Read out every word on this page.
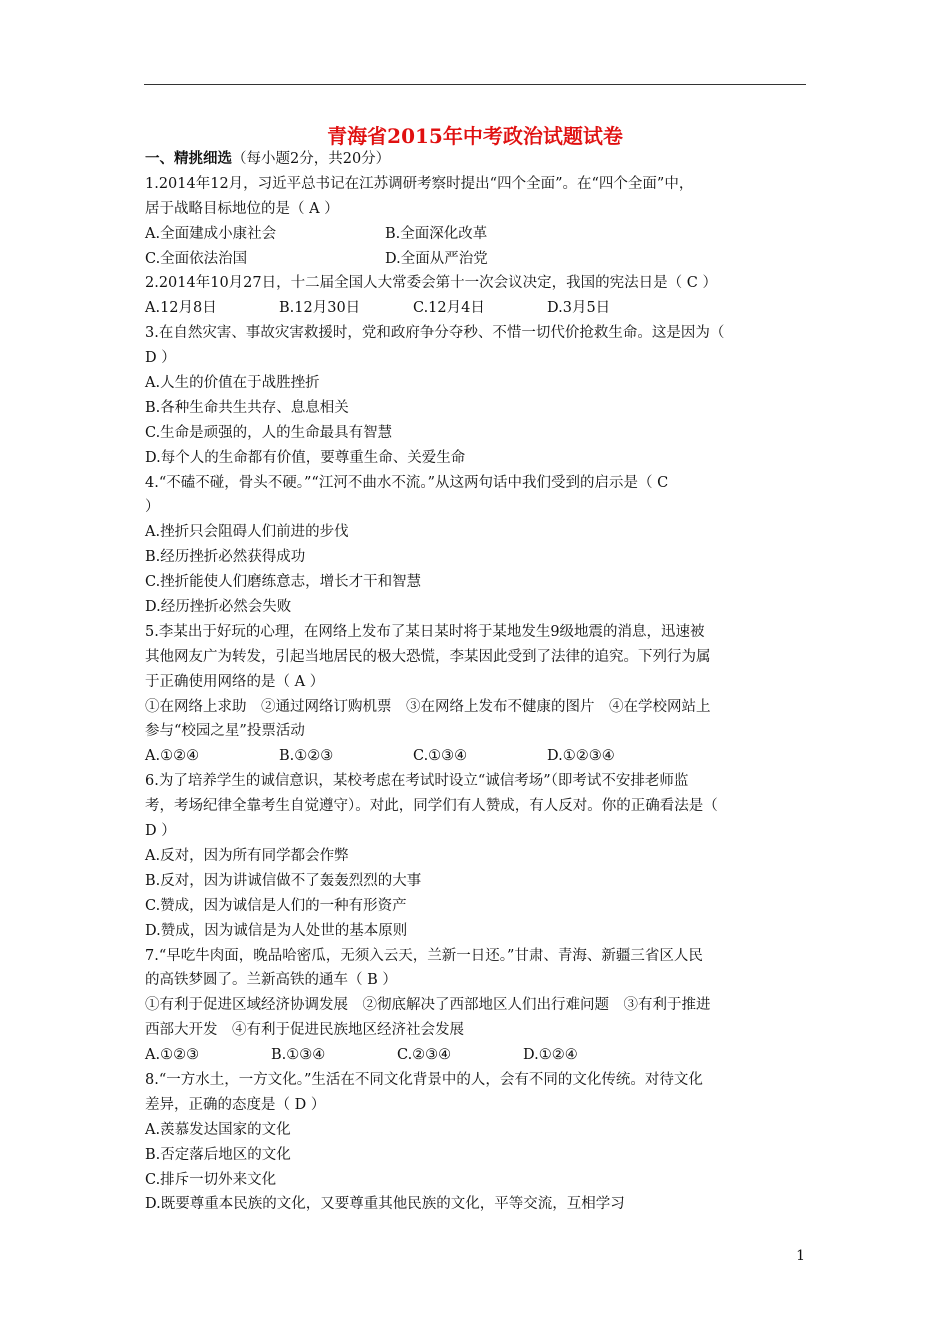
青海省2015年中考政治试题试卷
一、精挑细选（每小题2分，共20分）
1.2014年12月，习近平总书记在江苏调研考察时提出“四个全面”。在“四个全面”中，
居于战略目标地位的是（ A ）
A.全面建成小康社会	B.全面深化改革
C.全面依法治国	D.全面从严治党
2.2014年10月27日，十二届全国人大常委会第十一次会议决定，我国的宪法日是（ C ）
A.12月8日	B.12月30日	C.12月4日	D.3月5日
3.在自然灾害、事故灾害救援时，党和政府争分夺秒、不惜一切代价抢救生命。这是因为（
D ）
A.人生的价值在于战胜挫折
B.各种生命共生共存、息息相关
C.生命是顽强的，人的生命最具有智慧
D.每个人的生命都有价值，要尊重生命、关爱生命
4.“不磕不碰，骨头不硬。”“江河不曲水不流。”从这两句话中我们受到的启示是（ C
）
A.挫折只会阻碍人们前进的步伐
B.经历挫折必然获得成功
C.挫折能使人们磨练意志，增长才干和智慧
D.经历挫折必然会失败
5.李某出于好玩的心理，在网络上发布了某日某时将于某地发生9级地震的消息，迅速被
其他网友广为转发，引起当地居民的极大恐慌，李某因此受到了法律的追究。下列行为属
于正确使用网络的是（ A ）
①在网络上求助　②通过网络订购机票　③在网络上发布不健康的图片　④在学校网站上
参与“校园之星”投票活动
A.①②④	B.①②③	C.①③④	D.①②③④
6.为了培养学生的诚信意识，某校考虑在考试时设立“诚信考场”（即考试不安排老师监
考，考场纪律全靠考生自觉遵守）。对此，同学们有人赞成，有人反对。你的正确看法是（
D ）
A.反对，因为所有同学都会作弊
B.反对，因为讲诚信做不了轰轰烈烈的大事
C.赞成，因为诚信是人们的一种有形资产
D.赞成，因为诚信是为人处世的基本原则
7.“早吃牛肉面，晚品哈密瓜，无须入云天，兰新一日还。”甘肃、青海、新疆三省区人民
的高铁梦圆了。兰新高铁的通车（ B ）
①有利于促进区域经济协调发展　②彻底解决了西部地区人们出行难问题　③有利于推进
西部大开发　④有利于促进民族地区经济社会发展
A.①②③	B.①③④	C.②③④	D.①②④
8.“一方水土，一方文化。”生活在不同文化背景中的人，会有不同的文化传统。对待文化
差异，正确的态度是（ D ）
A.羡慕发达国家的文化
B.否定落后地区的文化
C.排斥一切外来文化
D.既要尊重本民族的文化，又要尊重其他民族的文化，平等交流，互相学习
1
